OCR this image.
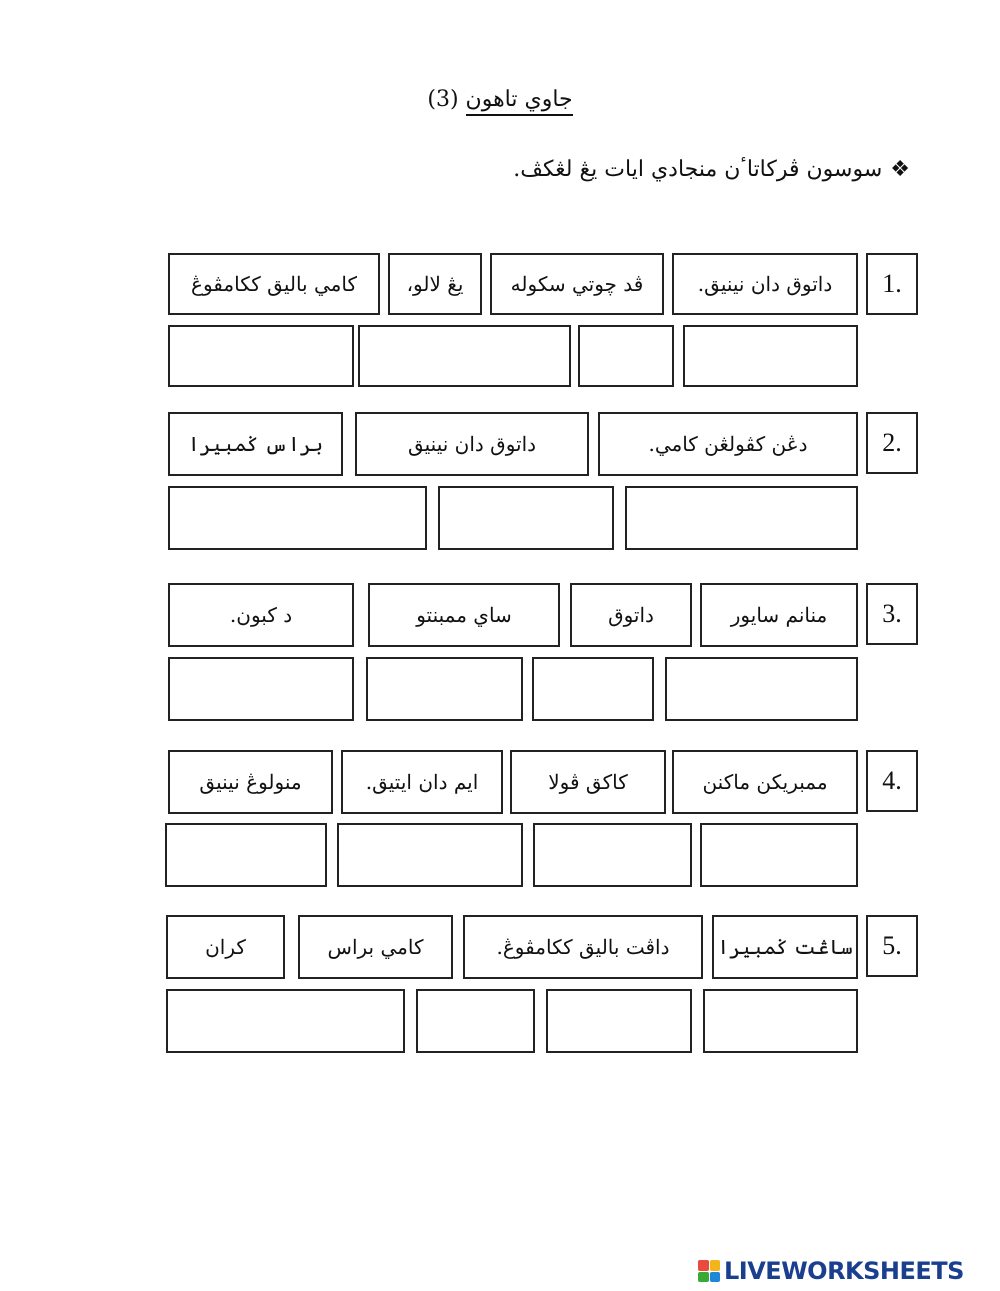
جاوي تاهون (3)
❖سوسون ڤركاتاٴن منجادي ايات يڠ لڠكڤ.
1.
داتوق دان نينيق.
ڤد چوتي سکوله
يڠ لالو،
کامي باليق ککامڤوڠ
2.
دڠن کڤولڠن کامي.
داتوق دان نينيق
براس ݢمبيرا
3.
منانم سايور
داتوق
ساي ممبنتو
د کبون.
4.
ممبريکن ماکنن
کاکق ڤولا
ايم دان ايتيق.
منولوڠ نينيق
5.
ساڠت ݢمبيرا
داڤت باليق ککامڤوڠ.
کامي براس
کران
LIVEWORKSHEETS
